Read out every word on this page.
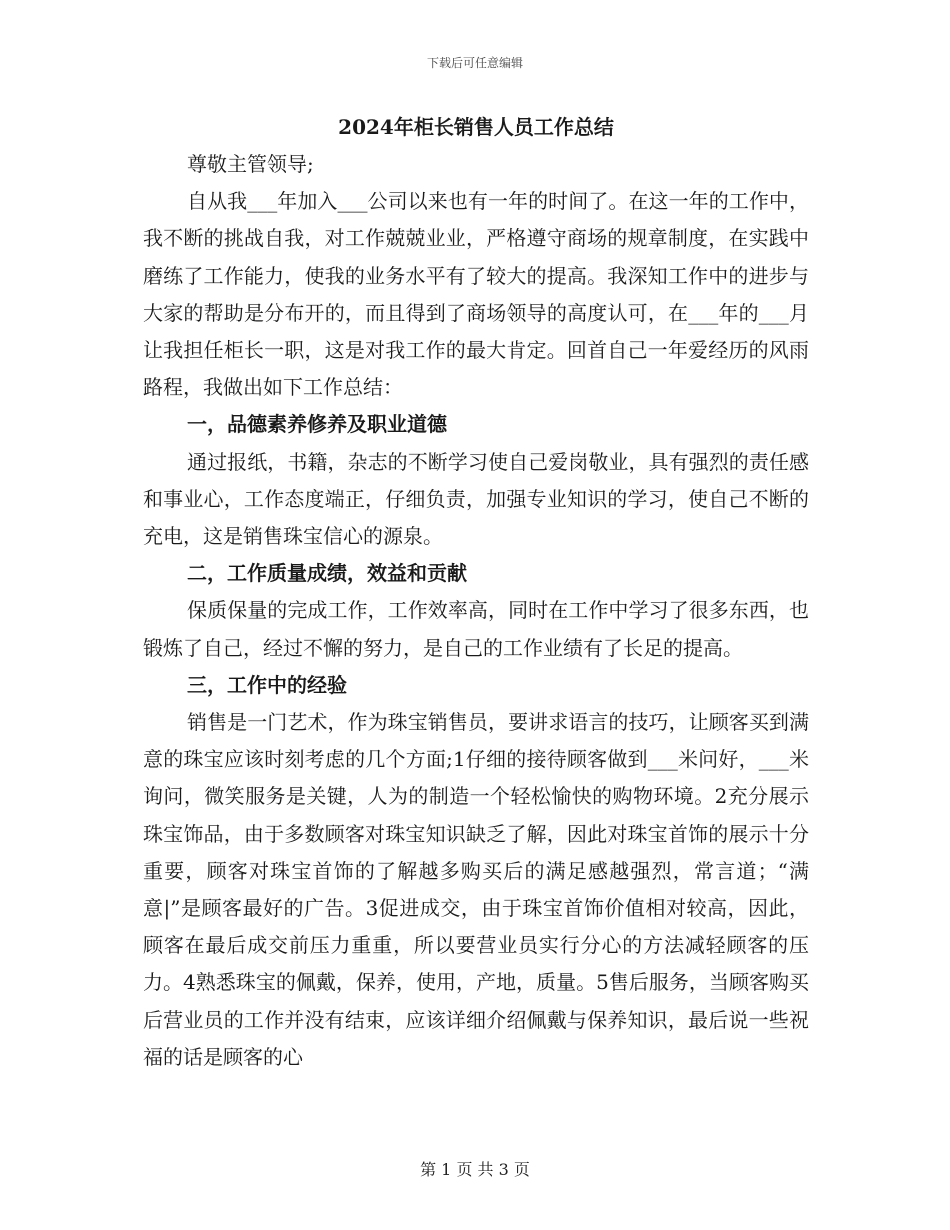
下载后可任意编辑
2024年柜长销售人员工作总结

尊敬主管领导;

自从我___年加入___公司以来也有一年的时间了。在这一年的工作中，我不断的挑战自我，对工作兢兢业业，严格遵守商场的规章制度，在实践中磨练了工作能力，使我的业务水平有了较大的提高。我深知工作中的进步与大家的帮助是分布开的，而且得到了商场领导的高度认可，在___年的___月让我担任柜长一职，这是对我工作的最大肯定。回首自己一年爱经历的风雨路程，我做出如下工作总结：

一，品德素养修养及职业道德

通过报纸，书籍，杂志的不断学习使自己爱岗敬业，具有强烈的责任感和事业心，工作态度端正，仔细负责，加强专业知识的学习，使自己不断的充电，这是销售珠宝信心的源泉。

二，工作质量成绩，效益和贡献

保质保量的完成工作，工作效率高，同时在工作中学习了很多东西，也锻炼了自己，经过不懈的努力，是自己的工作业绩有了长足的提高。

三，工作中的经验

销售是一门艺术，作为珠宝销售员，要讲求语言的技巧，让顾客买到满意的珠宝应该时刻考虑的几个方面;1仔细的接待顾客做到___米问好，___米询问，微笑服务是关键，人为的制造一个轻松愉快的购物环境。2充分展示珠宝饰品，由于多数顾客对珠宝知识缺乏了解，因此对珠宝首饰的展示十分重要，顾客对珠宝首饰的了解越多购买后的满足感越强烈，常言道；“满意|”是顾客最好的广告。3促进成交，由于珠宝首饰价值相对较高，因此，顾客在最后成交前压力重重，所以要营业员实行分心的方法减轻顾客的压力。4熟悉珠宝的佩戴，保养，使用，产地，质量。5售后服务，当顾客购买后营业员的工作并没有结束，应该详细介绍佩戴与保养知识，最后说一些祝福的话是顾客的心

第 1 页 共 3 页
